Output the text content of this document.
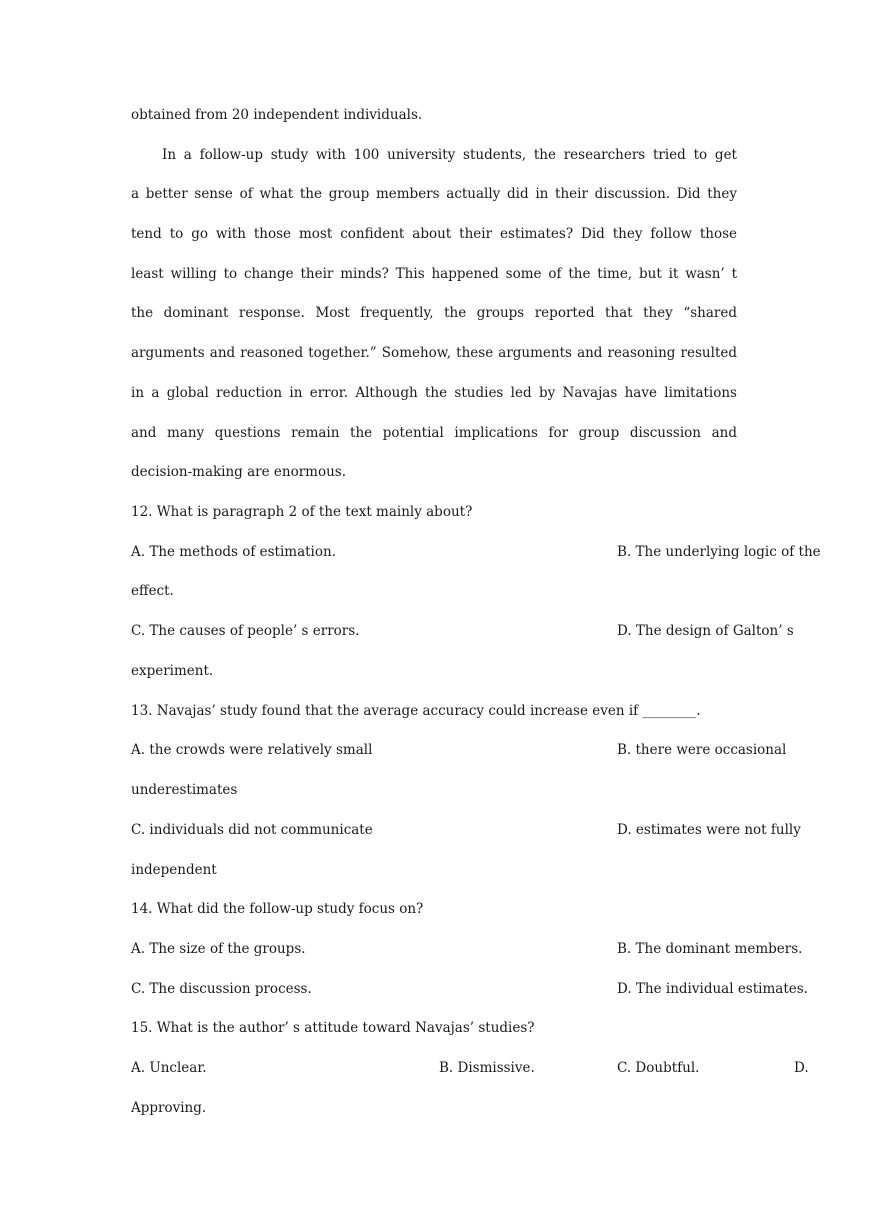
obtained from 20 independent individuals.

In a follow-up study with 100 university students, the researchers tried to get

a better sense of what the group members actually did in their discussion. Did they

tend to go with those most confident about their estimates? Did they follow those

least willing to change their minds? This happened some of the time, but it wasn’ t

the dominant response. Most frequently, the groups reported that they “shared

arguments and reasoned together.” Somehow, these arguments and reasoning resulted

in a global reduction in error. Although the studies led by Navajas have limitations

and many questions remain the potential implications for group discussion and

decision-making are enormous.

12. What is paragraph 2 of the text mainly about?

A. The methods of estimation.	B. The underlying logic of the

effect.

C. The causes of people’ s errors.	D. The design of Galton’ s

experiment.

13. Navajas’ study found that the average accuracy could increase even if ________.

A. the crowds were relatively small	B. there were occasional

underestimates

C. individuals did not communicate	D. estimates were not fully

independent

14. What did the follow-up study focus on?

A. The size of the groups.	B. The dominant members.
C. The discussion process.	D. The individual estimates.

15. What is the author’ s attitude toward Navajas’ studies?

A. Unclear.	B. Dismissive.	C. Doubtful.	D.

Approving.
